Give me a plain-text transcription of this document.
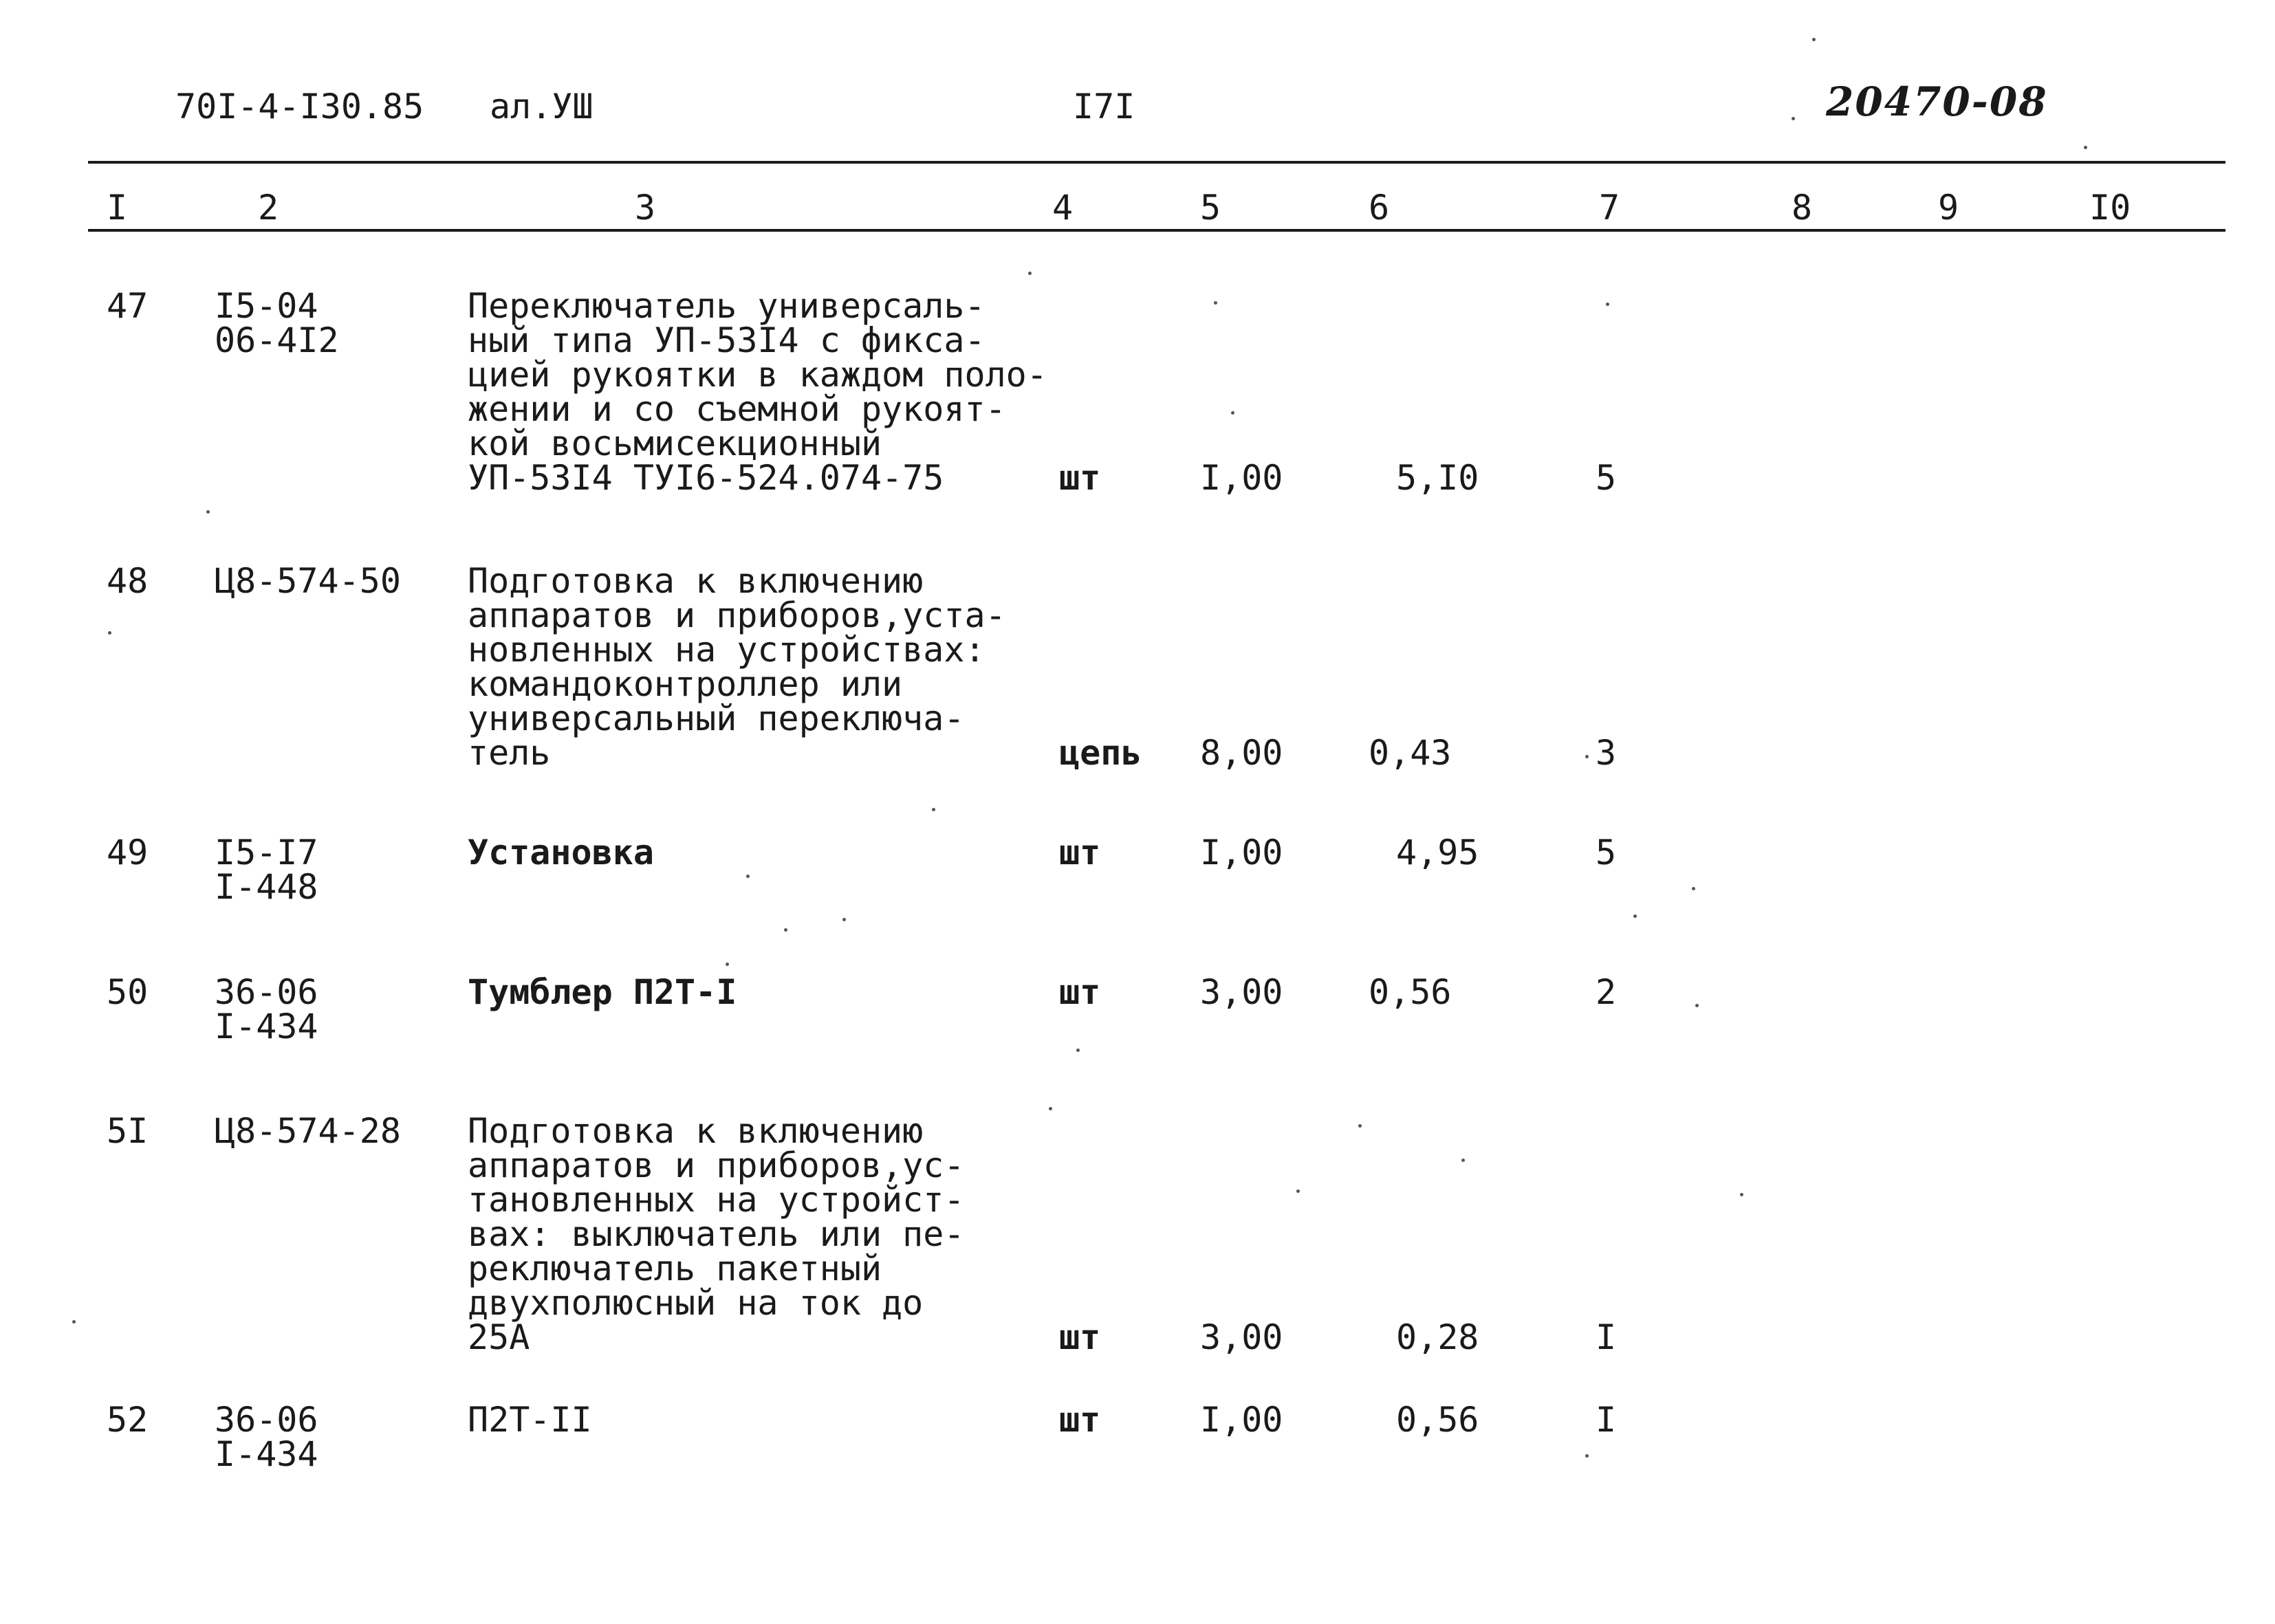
70I-4-I30.85 ал.УШ	I7I	20470-08
I	2	3	4	5	6	7	8	9	I0
47 I5-04
06-4I2
Переключатель универсаль-
ный типа УП-53I4 с фикса-
цией рукоятки в каждом поло-
жении и со съемной рукоят-
кой восьмисекционный
УП-53I4 ТУI6-524.074-75	шт	I,00	5,I0	5
48 Ц8-574-50 Подготовка к включению
аппаратов и приборов,уста-
новленных на устройствах:
командоконтроллер или
универсальный переключа-
тель	цепь 8,00 0,43	3
49 I5-I7
I-448
Установка	шт	I,00	4,95	5
50 36-06
I-434
Тумблер П2Т-I	шт	3,00 0,56	2
5I Ц8-574-28 Подготовка к включению
аппаратов и приборов,ус-
тановленных на устройст-
вах: выключатель или пе-
реключатель пакетный
двухполюсный на ток до
25А	шт	3,00	0,28	I
52 36-06
I-434
П2Т-II	шт	I,00	0,56	I
